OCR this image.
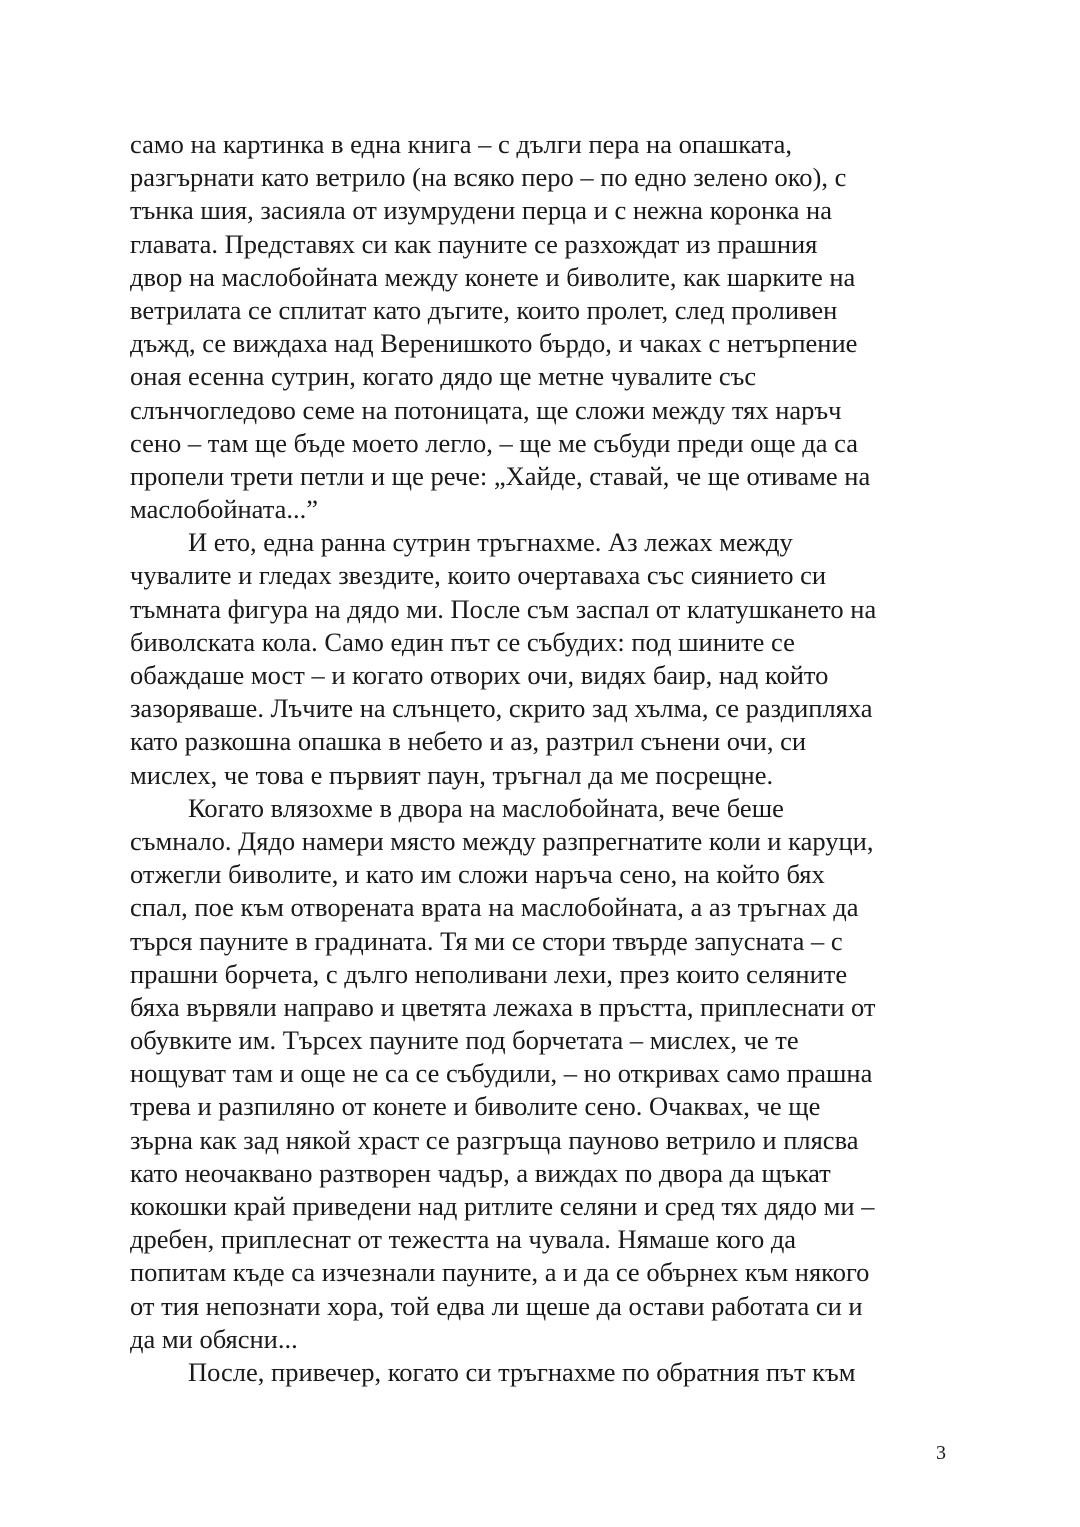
само на картинка в една книга – с дълги пера на опашката,
разгърнати като ветрило (на всяко перо – по едно зелено око), с
тънка шия, засияла от изумрудени перца и с нежна коронка на
главата. Представях си как пауните се разхождат из прашния
двор на маслобойната между конете и биволите, как шарките на
ветрилата се сплитат като дъгите, които пролет, след проливен
дъжд, се виждаха над Веренишкото бърдо, и чаках с нетърпение
оная есенна сутрин, когато дядо ще метне чувалите със
слънчогледово семе на потоницата, ще сложи между тях наръч
сено – там ще бъде моето легло, – ще ме събуди преди още да са
пропели трети петли и ще рече: „Хайде, ставай, че ще отиваме на
маслобойната...”
И ето, една ранна сутрин тръгнахме. Аз лежах между
чувалите и гледах звездите, които очертаваха със сиянието си
тъмната фигура на дядо ми. После съм заспал от клатушкането на
биволската кола. Само един път се събудих: под шините се
обаждаше мост – и когато отворих очи, видях баир, над който
зазоряваше. Лъчите на слънцето, скрито зад хълма, се раздипляха
като разкошна опашка в небето и аз, разтрил сънени очи, си
мислех, че това е първият паун, тръгнал да ме посрещне.
Когато влязохме в двора на маслобойната, вече беше
съмнало. Дядо намери място между разпрегнатите коли и каруци,
отжегли биволите, и като им сложи наръча сено, на който бях
спал, пое към отворената врата на маслобойната, а аз тръгнах да
търся пауните в градината. Тя ми се стори твърде запусната – с
прашни борчета, с дълго неполивани лехи, през които селяните
бяха вървяли направо и цветята лежаха в пръстта, приплеснати от
обувките им. Търсех пауните под борчетата – мислех, че те
нощуват там и още не са се събудили, – но откривах само прашна
трева и разпиляно от конете и биволите сено. Очаквах, че ще
зърна как зад някой храст се разгръща пауново ветрило и плясва
като неочаквано разтворен чадър, а виждах по двора да щъкат
кокошки край приведени над ритлите селяни и сред тях дядо ми –
дребен, приплеснат от тежестта на чувала. Нямаше кого да
попитам къде са изчезнали пауните, а и да се обърнех към някого
от тия непознати хора, той едва ли щеше да остави работата си и
да ми обясни...
После, привечер, когато си тръгнахме по обратния път към
3
